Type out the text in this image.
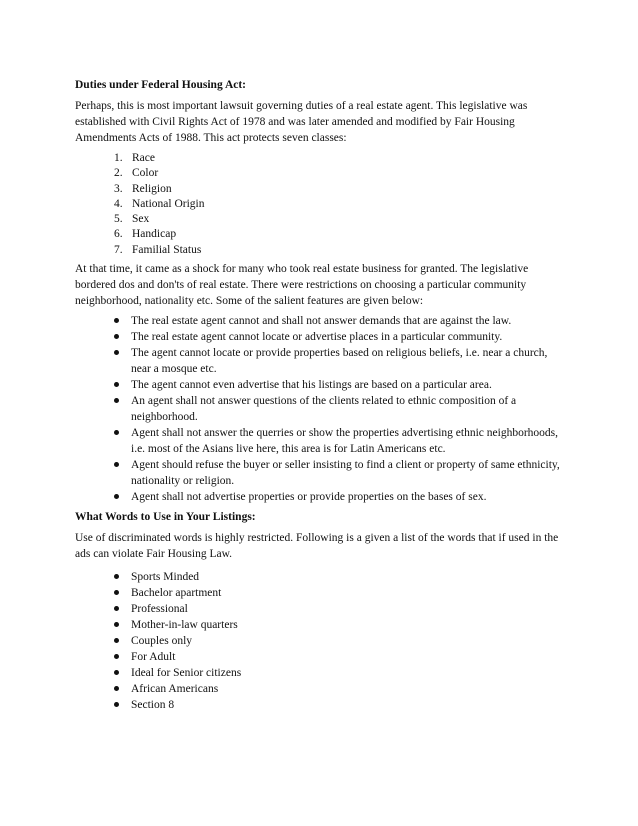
Duties under Federal Housing Act:

Perhaps, this is most important lawsuit governing duties of a real estate agent. This legislative was established with Civil Rights Act of 1978 and was later amended and modified by Fair Housing Amendments Acts of 1988. This act protects seven classes:

1. Race
2. Color
3. Religion
4. National Origin
5. Sex
6. Handicap
7. Familial Status

At that time, it came as a shock for many who took real estate business for granted. The legislative bordered dos and don'ts of real estate. There were restrictions on choosing a particular community neighborhood, nationality etc. Some of the salient features are given below:

The real estate agent cannot and shall not answer demands that are against the law.
The real estate agent cannot locate or advertise places in a particular community.
The agent cannot locate or provide properties based on religious beliefs, i.e. near a church, near a mosque etc.
The agent cannot even advertise that his listings are based on a particular area.
An agent shall not answer questions of the clients related to ethnic composition of a neighborhood.
Agent shall not answer the querries or show the properties advertising ethnic neighborhoods, i.e. most of the Asians live here, this area is for Latin Americans etc.
Agent should refuse the buyer or seller insisting to find a client or property of same ethnicity, nationality or religion.
Agent shall not advertise properties or provide properties on the bases of sex.

What Words to Use in Your Listings:

Use of discriminated words is highly restricted. Following is a given a list of the words that if used in the ads can violate Fair Housing Law.

Sports Minded
Bachelor apartment
Professional
Mother-in-law quarters
Couples only
For Adult
Ideal for Senior citizens
African Americans
Section 8
